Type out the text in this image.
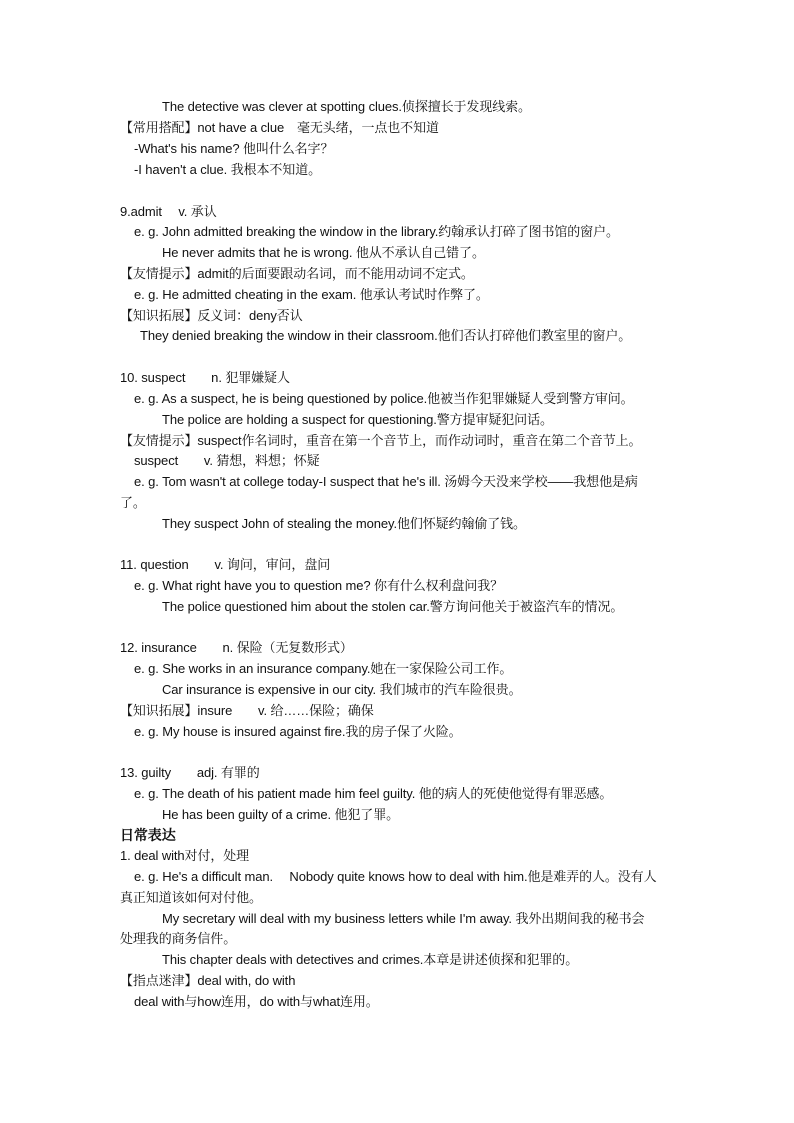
The detective was clever at spotting clues.侦探擅长于发现线索。
【常用搭配】not have a clue　毫无头绪，一点也不知道
-What's his name? 他叫什么名字？
-I haven't a clue. 我根本不知道。
9.admit　 v. 承认
e. g. John admitted breaking the window in the library.约翰承认打碎了图书馆的窗户。
He never admits that he is wrong. 他从不承认自己错了。
【友情提示】admit的后面要跟动名词，而不能用动词不定式。
e. g. He admitted cheating in the exam. 他承认考试时作弊了。
【知识拓展】反义词：deny否认
They denied breaking the window in their classroom.他们否认打碎他们教室里的窗户。
10. suspect　　n. 犯罪嫌疑人
e. g. As a suspect, he is being questioned by police.他被当作犯罪嫌疑人受到警方审问。
The police are holding a suspect for questioning.警方提审疑犯问话。
【友情提示】suspect作名词时，重音在第一个音节上，而作动词时，重音在第二个音节上。
suspect　　v. 猜想，料想；怀疑
e. g. Tom wasn't at college today-I suspect that he's ill. 汤姆今天没来学校——我想他是病
了。
They suspect John of stealing the money.他们怀疑约翰偷了钱。
11. question　　v. 询问，审问，盘问
e. g. What right have you to question me? 你有什么权利盘问我？
The police questioned him about the stolen car.警方询问他关于被盗汽车的情况。
12. insurance　　n. 保险（无复数形式）
e. g. She works in an insurance company.她在一家保险公司工作。
Car insurance is expensive in our city. 我们城市的汽车险很贵。
【知识拓展】insure　　v. 给……保险；确保
e. g. My house is insured against fire.我的房子保了火险。
13. guilty　　adj. 有罪的
e. g. The death of his patient made him feel guilty. 他的病人的死使他觉得有罪恶感。
He has been guilty of a crime. 他犯了罪。
日常表达
1. deal with对付，处理
e. g. He's a difficult man.　 Nobody quite knows how to deal with him.他是难弄的人。没有人
真正知道该如何对付他。
My secretary will deal with my business letters while I'm away. 我外出期间我的秘书会
处理我的商务信件。
This chapter deals with detectives and crimes.本章是讲述侦探和犯罪的。
【指点迷津】deal with, do with
deal with与how连用，do with与what连用。
